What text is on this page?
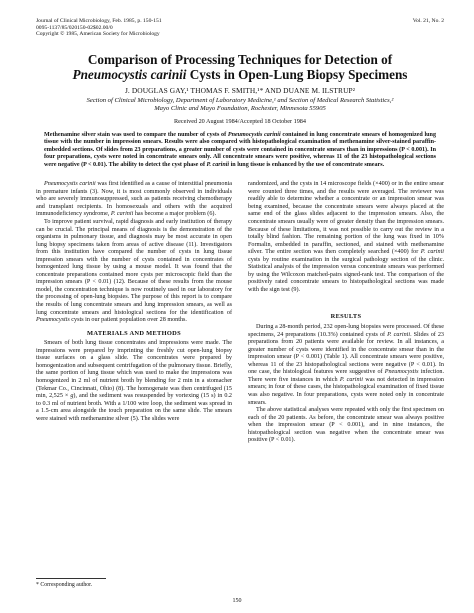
Journal of Clinical Microbiology, Feb. 1985, p. 150-151
0095-1137/85/020150-02$02.00/0
Copyright © 1985, American Society for Microbiology
Vol. 21, No. 2
Comparison of Processing Techniques for Detection of
Pneumocystis carinii Cysts in Open-Lung Biopsy Specimens
J. DOUGLAS GAY,¹ THOMAS F. SMITH,¹* AND DUANE M. ILSTRUP²
Section of Clinical Microbiology, Department of Laboratory Medicine,¹ and Section of Medical Research Statistics,²
Mayo Clinic and Mayo Foundation, Rochester, Minnesota 55905
Received 20 August 1984/Accepted 18 October 1984
Methenamine silver stain was used to compare the number of cysts of Pneumocystis carinii contained in lung concentrate smears of homogenized lung tissue with the number in impression smears. Results were also compared with histopathological examination of methenamine silver-stained paraffin-embedded sections. Of slides from 23 preparations, a greater number of cysts were contained in concentrate smears than in impressions (P < 0.001). In four preparations, cysts were noted in concentrate smears only. All concentrate smears were positive, whereas 11 of the 23 histopathological sections were negative (P < 0.01). The ability to detect the cyst phase of P. carinii in lung tissue is enhanced by the use of concentrate smears.

Pneumocystis carinii was first identified as a cause of interstitial pneumonia in premature infants (3). Now, it is most commonly observed in individuals who are severely immunosuppressed, such as patients receiving chemotherapy and transplant recipients. In homosexuals and others with the acquired immunodeficiency syndrome, P. carinii has become a major problem (6).

To improve patient survival, rapid diagnosis and early institution of therapy can be crucial. The principal means of diagnosis is the demonstration of the organisms in pulmonary tissue, and diagnosis may be most accurate in open lung biopsy specimens taken from areas of active disease (11). Investigators from this institution have compared the number of cysts in lung tissue impression smears with the number of cysts contained in concentrates of homogenized lung tissue by using a mouse model. It was found that the concentrate preparations contained more cysts per microscopic field than the impression smears (P < 0.01) (12). Because of these results from the mouse model, the concentration technique is now routinely used in our laboratory for the processing of open-lung biopsies. The purpose of this report is to compare the results of lung concentrate smears and lung impression smears, as well as lung concentrate smears and histological sections for the identification of Pneumocystis cysts in our patient population over 28 months.

MATERIALS AND METHODS

Smears of both lung tissue concentrates and impressions were made. The impressions were prepared by imprinting the freshly cut open-lung biopsy tissue surfaces on a glass slide. The concentrates were prepared by homogenization and subsequent centrifugation of the pulmonary tissue. Briefly, the same portion of lung tissue which was used to make the impressions was homogenized in 2 ml of nutrient broth by blending for 2 min in a stomacher (Tekmar Co., Cincinnati, Ohio) (8). The homogenate was then centrifuged (15 min, 2,525 × g), and the sediment was resuspended by vortexing (15 s) in 0.2 to 0.3 ml of nutrient broth. With a 1/100 wire loop, the sediment was spread in a 1.5-cm area alongside the touch preparation on the same slide. The smears were stained with methenamine silver (5). The slides were

randomized, and the cysts in 14 microscope fields (×400) or in the entire smear were counted three times, and the results were averaged. The reviewer was readily able to determine whether a concentrate or an impression smear was being examined, because the concentrate smears were always placed at the same end of the glass slides adjacent to the impression smears. Also, the concentrate smears usually were of greater density than the impression smears. Because of these limitations, it was not possible to carry out the review in a totally blind fashion. The remaining portion of the lung was fixed in 10% Formalin, embedded in paraffin, sectioned, and stained with methenamine silver. The entire section was then completely searched (×400) for P. carinii cysts by routine examination in the surgical pathology section of the clinic. Statistical analysis of the impression versus concentrate smears was performed by using the Wilcoxon matched-pairs signed-rank test. The comparison of the positively rated concentrate smears to histopathological sections was made with the sign test (9).

RESULTS

During a 28-month period, 232 open-lung biopsies were processed. Of these specimens, 24 preparations (10.3%) contained cysts of P. carinii. Slides of 23 preparations from 20 patients were available for review. In all instances, a greater number of cysts were identified in the concentrate smear than in the impression smear (P < 0.001) (Table 1). All concentrate smears were positive, whereas 11 of the 23 histopathological sections were negative (P < 0.01). In one case, the histological features were suggestive of Pneumocystis infection. There were five instances in which P. carinii was not detected in impression smears; in four of these cases, the histopathological examination of fixed tissue was also negative. In four preparations, cysts were noted only in concentrate smears.

The above statistical analyses were repeated with only the first specimen on each of the 20 patients. As before, the concentrate smear was always positive when the impression smear (P < 0.001), and in nine instances, the histopathological section was negative when the concentrate smear was positive (P < 0.01).

* Corresponding author.
150
